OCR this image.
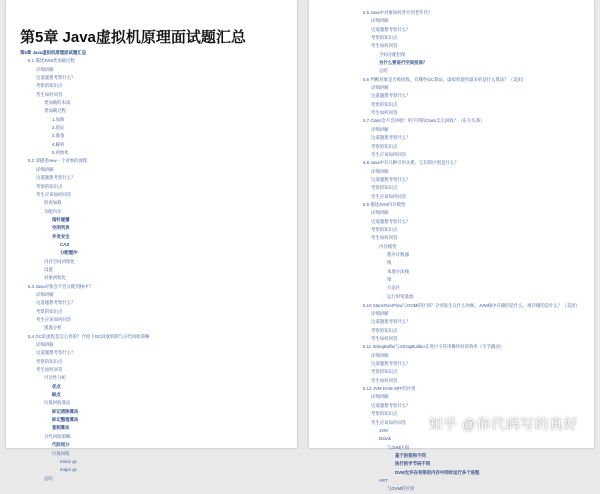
第5章 Java虚拟机原理面试题汇总
第5章 Java虚拟机原理面试题汇总
5.1 描述JVM类加载过程
详细讲解
这道题想考察什么？
考察的知识点
考生如何回答
类加载的本质
类加载过程
1.加载
2.验证
3.准备
4.解析
5.初始化
5.2 请描述new一个对象的流程
详细讲解
这道题想考察什么？
考察的知识点
考生应该如何回答
检查加载
分配内存
指针碰撞
空闲列表
并发安全
CAS
分配缓冲
内存空间初始化
设置
对象初始化
5.3 Java对象会不会分配到栈中？
详细讲解
这道题想考察什么？
考察的知识点
考生应该如何回答
逃逸分析
5.4 GC的流程是怎么样的？介绍下GC回收机制与分代回收策略
详细讲解
这道题想考察什么？
考察的知识点
考生如何回答
可达性分析
优点
缺点
垃圾回收算法
标记清除算法
标记整理算法
复制算法
分代回收策略
代际划分
垃圾回收
minor gc
major gc
总结
5.5 Java中对象如何晋升到老年代？
详细讲解
这道题想考察什么？
考察的知识点
考生如何回答
空间分配担保
为什么要进行空间担保？
总结
5.6 判断对象是否被回收，有哪些GC算法，虚拟机使用最多的是什么算法？（美团）
详细讲解
这道题想考察什么？
考察的知识点
考生如何回答
5.7 Class会不会回收？用不到的Class怎么回收？（东方头条）
详细讲解
这道题想考察什么？
考察的知识点
考生应该如何回答
5.8 Java中有几种引用关系，它们的区别是什么？
详细讲解
这道题想考察什么？
考察的知识点
考生应该如何回答
5.9 描述JVM内存模型
详细讲解
这道题想考察什么？
考察的知识点
考生如何回答
内存模型
程序计数器
栈
本地方法栈
堆
方法区
运行时常量池
5.10 StackOverFlow与OOM的区别？分别发生在什么时候，JVM栈中存储的是什么，堆存储的是什么？（美团）
详细讲解
这道题想考察什么？
考察的知识点
考生如何回答
5.11 StringBuffer与StringBuilder在进行字符串操作时的效率（字节跳动）
详细讲解
这道题想考察什么？
考察的知识点
考生如何回答
5.12 JVM DVM ART的区别
详细讲解
这道题想考察什么？
考察的知识点
考生应该如何回答
JVM
Dalvik
与JVM区别
基于的架构不同
执行的字节码不同
DVM允许在有限的内存中同时运行多个进程
ART
与DVM的区别
知乎 @你代码写的真好
